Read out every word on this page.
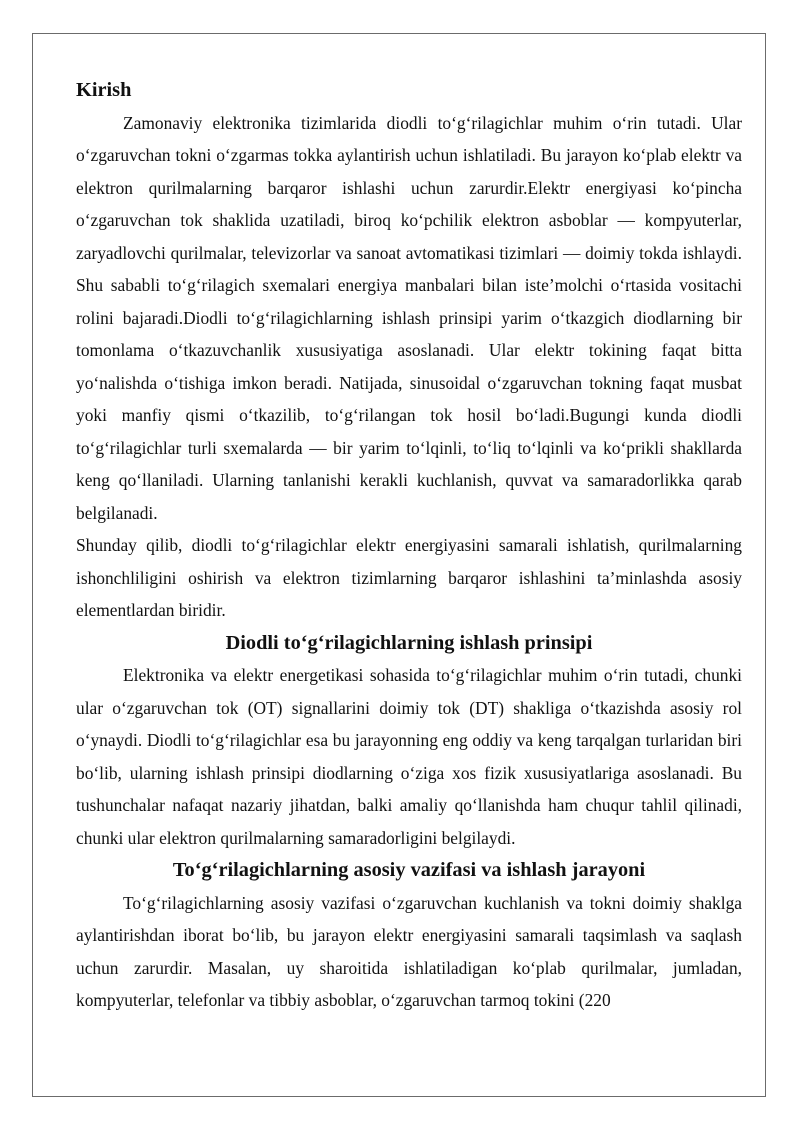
Kirish

Zamonaviy elektronika tizimlarida diodli to‘g‘rilagichlar muhim o‘rin tutadi. Ular o‘zgaruvchan tokni o‘zgarmas tokka aylantirish uchun ishlatiladi. Bu jarayon ko‘plab elektr va elektron qurilmalarning barqaror ishlashi uchun zarurdir.Elektr energiyasi ko‘pincha o‘zgaruvchan tok shaklida uzatiladi, biroq ko‘pchilik elektron asboblar — kompyuterlar, zaryadlovchi qurilmalar, televizorlar va sanoat avtomatikasi tizimlari — doimiy tokda ishlaydi. Shu sababli to‘g‘rilagich sxemalari energiya manbalari bilan iste’molchi o‘rtasida vositachi rolini bajaradi.Diodli to‘g‘rilagichlarning ishlash prinsipi yarim o‘tkazgich diodlarning bir tomonlama o‘tkazuvchanlik xususiyatiga asoslanadi. Ular elektr tokining faqat bitta yo‘nalishda o‘tishiga imkon beradi. Natijada, sinusoidal o‘zgaruvchan tokning faqat musbat yoki manfiy qismi o‘tkazilib, to‘g‘rilangan tok hosil bo‘ladi.Bugungi kunda diodli to‘g‘rilagichlar turli sxemalarda — bir yarim to‘lqinli, to‘liq to‘lqinli va ko‘prikli shakllarda keng qo‘llaniladi. Ularning tanlanishi kerakli kuchlanish, quvvat va samaradorlikka qarab belgilanadi.

Shunday qilib, diodli to‘g‘rilagichlar elektr energiyasini samarali ishlatish, qurilmalarning ishonchliligini oshirish va elektron tizimlarning barqaror ishlashini ta’minlashda asosiy elementlardan biridir.

Diodli to‘g‘rilagichlarning ishlash prinsipi

Elektronika va elektr energetikasi sohasida to‘g‘rilagichlar muhim o‘rin tutadi, chunki ular o‘zgaruvchan tok (OT) signallarini doimiy tok (DT) shakliga o‘tkazishda asosiy rol o‘ynaydi. Diodli to‘g‘rilagichlar esa bu jarayonning eng oddiy va keng tarqalgan turlaridan biri bo‘lib, ularning ishlash prinsipi diodlarning o‘ziga xos fizik xususiyatlariga asoslanadi. Bu tushunchalar nafaqat nazariy jihatdan, balki amaliy qo‘llanishda ham chuqur tahlil qilinadi, chunki ular elektron qurilmalarning samaradorligini belgilaydi.

To‘g‘rilagichlarning asosiy vazifasi va ishlash jarayoni

To‘g‘rilagichlarning asosiy vazifasi o‘zgaruvchan kuchlanish va tokni doimiy shaklga aylantirishdan iborat bo‘lib, bu jarayon elektr energiyasini samarali taqsimlash va saqlash uchun zarurdir. Masalan, uy sharoitida ishlatiladigan ko‘plab qurilmalar, jumladan, kompyuterlar, telefonlar va tibbiy asboblar, o‘zgaruvchan tarmoq tokini (220
